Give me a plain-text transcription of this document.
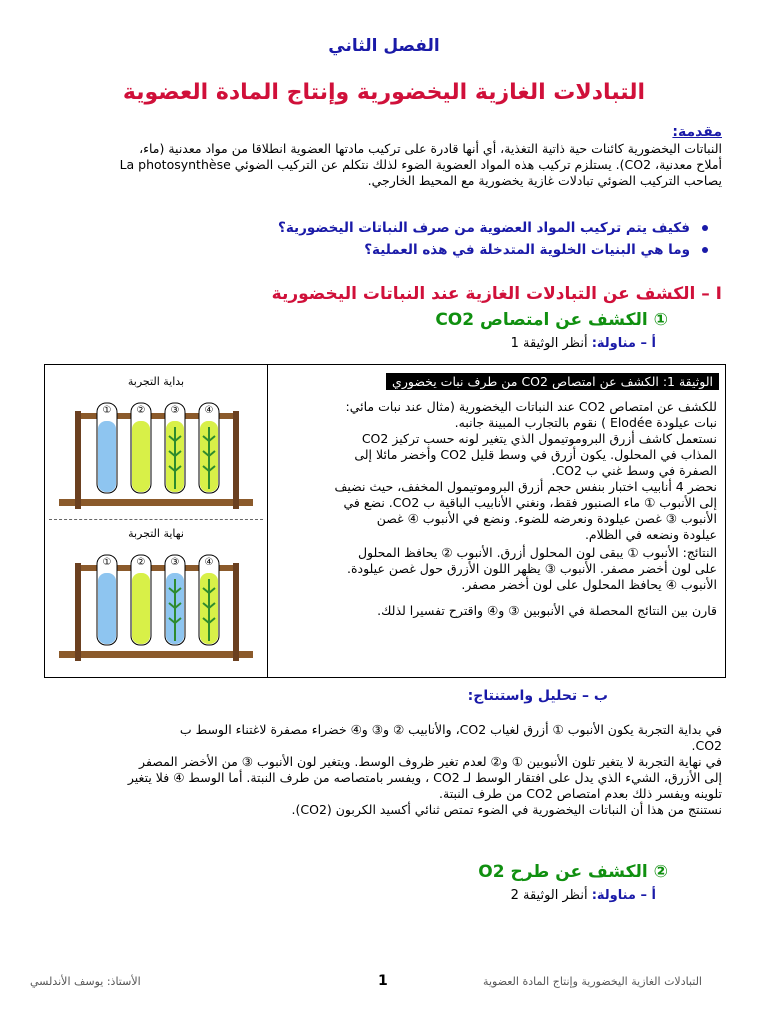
الفصل الثاني
التبادلات الغازية اليخضورية وإنتاج المادة العضوية
مقدمة:
النباتات اليخضورية كائنات حية ذاتية التغذية، أي أنها قادرة على تركيب مادتها العضوية انطلاقا من مواد معدنية (ماء،
أملاح معدنية، CO2). يستلزم تركيب هذه المواد العضوية الضوء لذلك نتكلم عن التركيب الضوئي La photosynthèse
يصاحب التركيب الضوئي تبادلات غازية يخضورية مع المحيط الخارجي.
فكيف يتم تركيب المواد العضوية من صرف النباتات اليخضورية؟
وما هي البنيات الخلوية المتدخلة في هذه العملية؟
I – الكشف عن التبادلات الغازية عند النباتات اليخضورية
① الكشف عن امتصاص CO2
أ – مناولة: أنظر الوثيقة 1
الوثيقة 1: الكشف عن امتصاص CO2 من طرف نبات يخضوري
للكشف عن امتصاص CO2 عند النباتات اليخضورية (مثال عند نبات مائي:
نبات عيلودة Elodée ) نقوم بالتجارب المبينة جانبه.
نستعمل كاشف أزرق البروموتيمول الذي يتغير لونه حسب تركيز CO2
المذاب في المحلول. يكون أزرق في وسط قليل CO2 وأخضر مائلا إلى
الصفرة في وسط غني ب CO2.
نحضر 4 أنابيب اختبار بنفس حجم أزرق البروموتيمول المخفف، حيث نضيف
إلى الأنبوب ① ماء الصنبور فقط، ونغني الأنابيب الباقية ب CO2. نضع في
الأنبوب ③ غصن عيلودة ونعرضه للضوء. ونضع في الأنبوب ④ غصن
عيلودة ونضعه في الظلام.
النتائج: الأنبوب ① يبقى لون المحلول أزرق. الأنبوب ② يحافظ المحلول
على لون أخضر مصفر. الأنبوب ③ يظهر اللون الأزرق حول غصن عيلودة.
الأنبوب ④ يحافظ المحلول على لون أخضر مصفر.
قارن بين النتائج المحصلة في الأنبوبين ③ و④ واقترح تفسيرا لذلك.
بداية التجربة
①	②	③	④
نهاية التجربة
①	②	③	④
ب – تحليل واستنتاج:
في بداية التجربة يكون الأنبوب ① أزرق لغياب CO2، والأنابيب ② و③ و④ خضراء مصفرة لاغتناء الوسط ب
CO2.
في نهاية التجربة لا يتغير تلون الأنبوبين ① و② لعدم تغير ظروف الوسط. ويتغير لون الأنبوب ③ من الأخضر المصفر
إلى الأزرق، الشيء الذي يدل على افتقار الوسط لـ CO2 ، ويفسر بامتصاصه من طرف النبتة. أما الوسط ④ فلا يتغير
تلوينه ويفسر ذلك بعدم امتصاص CO2 من طرف النبتة.
نستنتج من هذا أن النباتات اليخضورية في الضوء تمتص ثنائي أكسيد الكربون (CO2).
② الكشف عن طرح O2
أ – مناولة: أنظر الوثيقة 2
الأستاذ: يوسف الأندلسي	1	التبادلات الغازية اليخضورية وإنتاج المادة العضوية
